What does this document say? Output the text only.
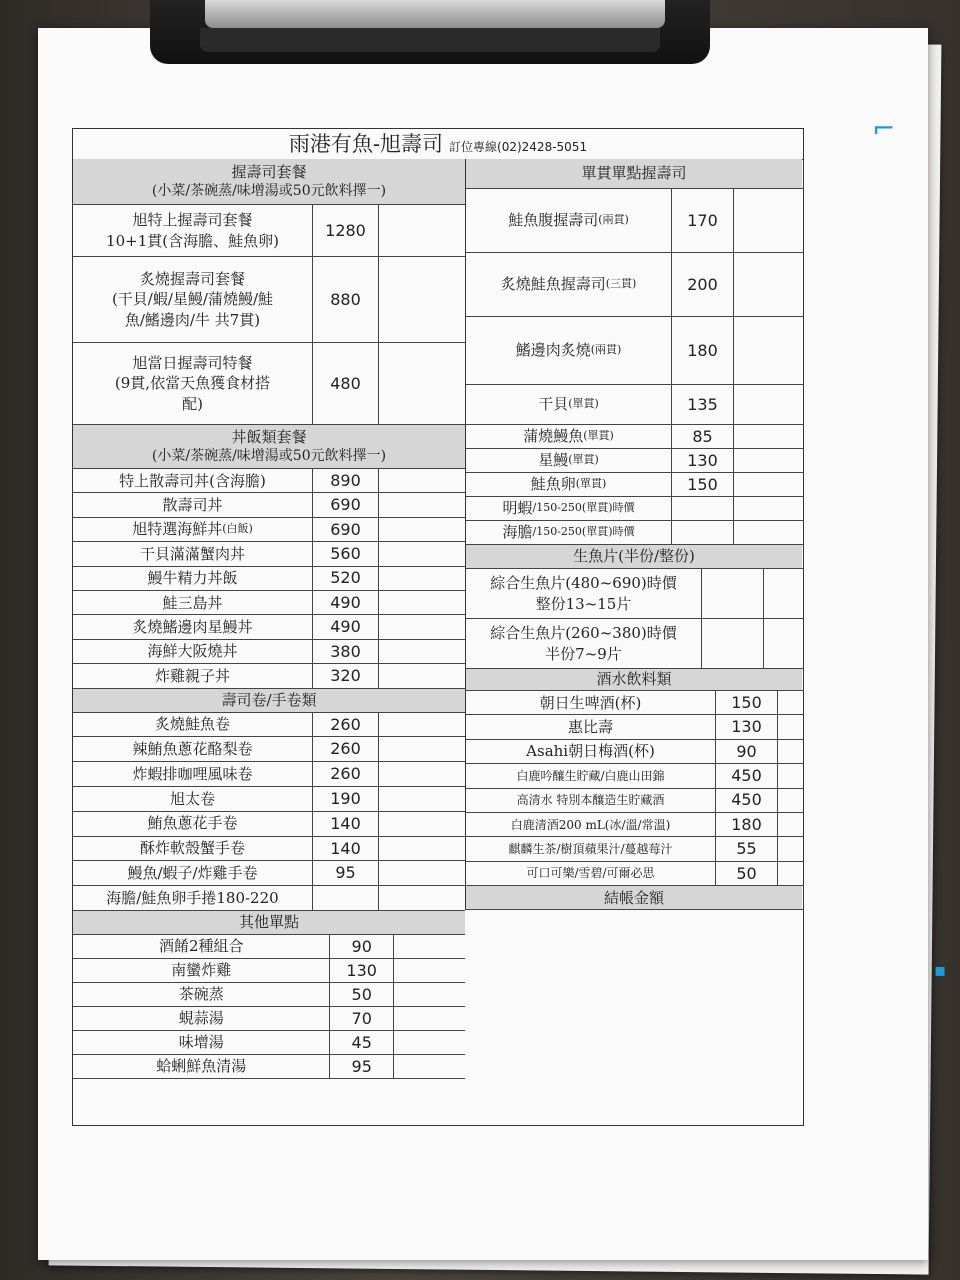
⌐
▪
雨港有魚-旭壽司 訂位專線(02)2428-5051
握壽司套餐
(小菜/茶碗蒸/味增湯或50元飲料擇一)
旭特上握壽司套餐
10+1貫(含海膽、鮭魚卵)
1280
炙燒握壽司套餐
(干貝/蝦/星鰻/蒲燒鰻/鮭
魚/鰭邊肉/牛 共7貫)
880
旭當日握壽司特餐
(9貫,依當天魚獲食材搭
配)
480
丼飯類套餐
(小菜/茶碗蒸/味增湯或50元飲料擇一)
特上散壽司丼(含海膽)	890
散壽司丼	690
旭特選海鮮丼 (白飯)	690
干貝滿滿蟹肉丼	560
鰻牛精力丼飯	520
鮭三島丼	490
炙燒鰭邊肉星鰻丼	490
海鮮大阪燒丼	380
炸雞親子丼	320
壽司卷/手卷類
炙燒鮭魚卷	260
辣鮪魚蔥花酪梨卷	260
炸蝦排咖哩風味卷	260
旭太卷	190
鮪魚蔥花手卷	140
酥炸軟殼蟹手卷	140
鰻魚/蝦子/炸雞手卷	95
海膽/鮭魚卵手捲180-220
其他單點
酒餚2種組合	90
南蠻炸雞	130
茶碗蒸	50
蜆蒜湯	70
味增湯	45
蛤蜊鮮魚清湯	95
單貫單點握壽司
鮭魚腹握壽司 (兩貫)	170
炙燒鮭魚握壽司 (三貫)	200
鰭邊肉炙燒 (兩貫)	180
干貝 (單貫)	135
蒲燒鰻魚 (單貫)	85
星鰻 (單貫)	130
鮭魚卵 (單貫)	150
明蝦 /150-250(單貫)時價
海膽 /150-250(單貫)時價
生魚片(半份/整份)
綜合生魚片(480~690)時價
整份13~15片
綜合生魚片(260~380)時價
半份7~9片
酒水飲料類
朝日生啤酒(杯)	150
惠比壽	130
Asahi朝日梅酒(杯)	90
白鹿吟釀生貯藏/白鹿山田錦	450
高清水 特別本釀造生貯藏酒	450
白鹿清酒200 mL(冰/溫/常溫)	180
麒麟生茶/樹頂蘋果汁/蔓越莓汁	55
可口可樂/雪碧/可爾必思	50
結帳金額
